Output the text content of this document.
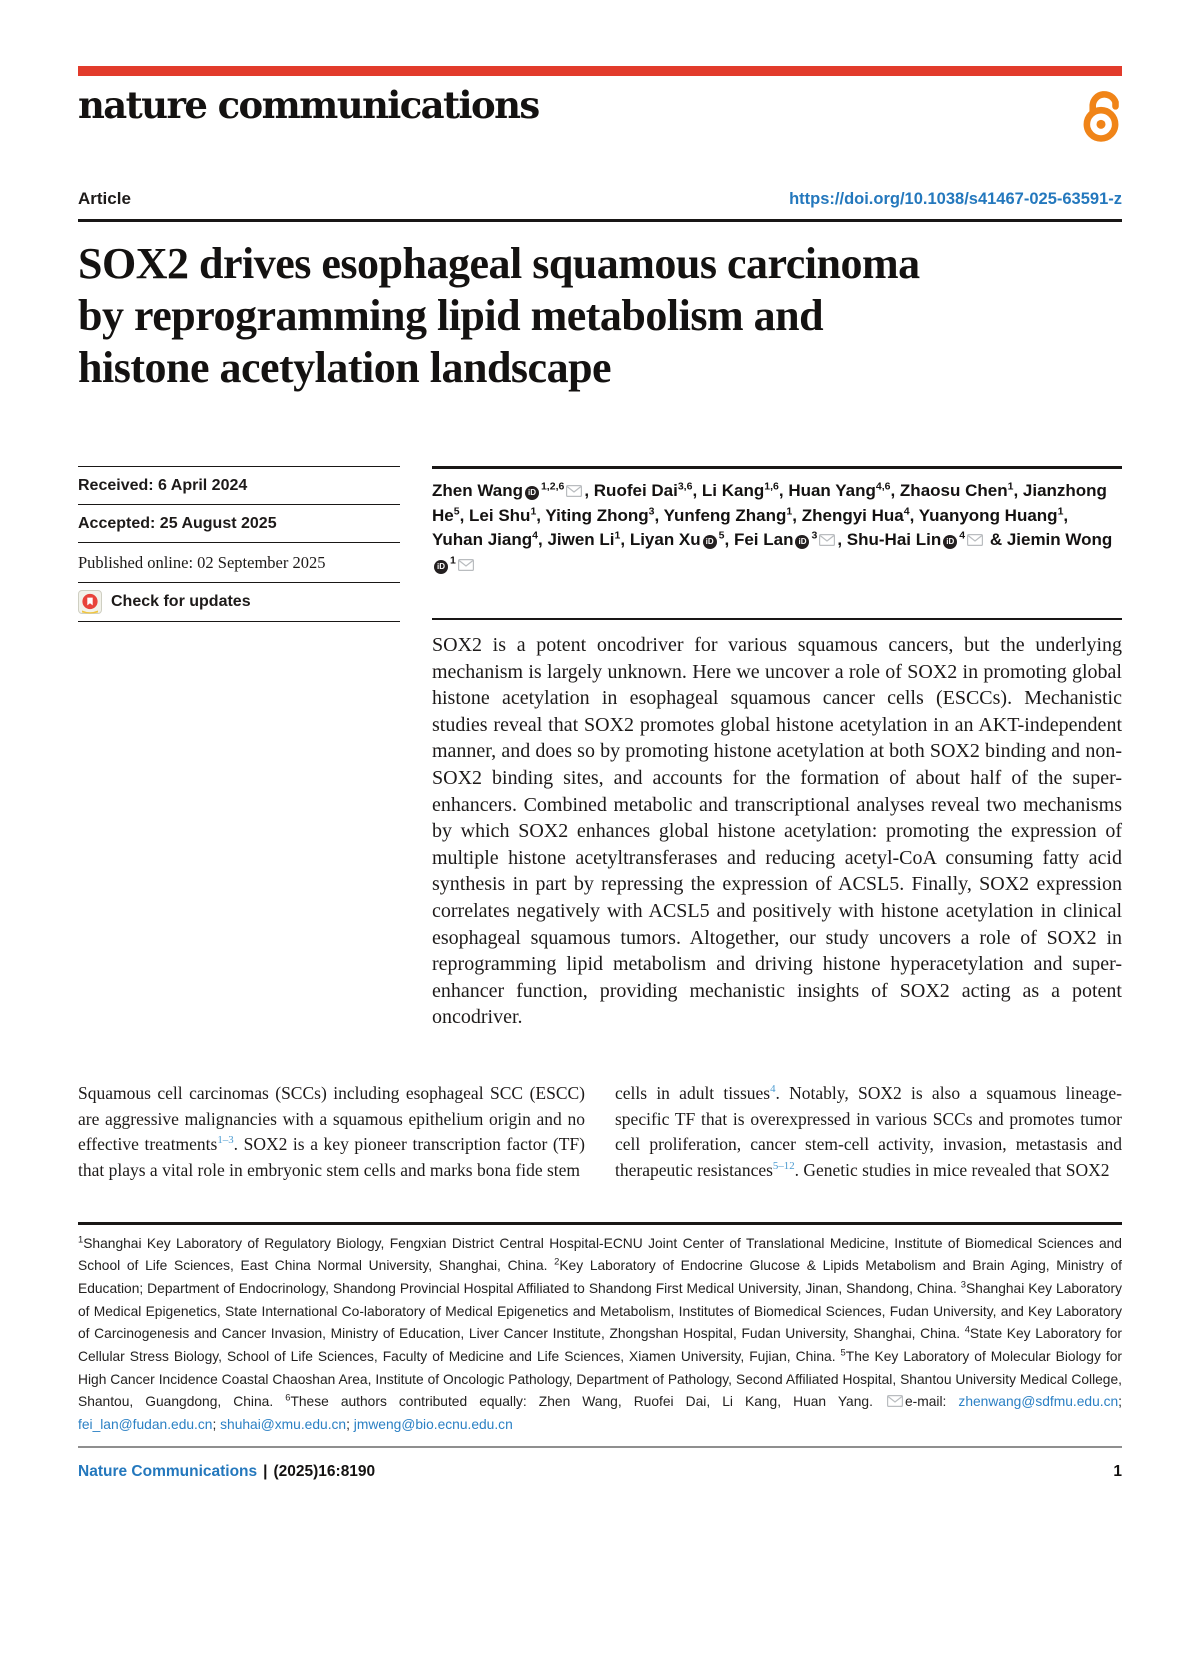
nature communications
Article	https://doi.org/10.1038/s41467-025-63591-z
SOX2 drives esophageal squamous carcinoma by reprogramming lipid metabolism and histone acetylation landscape
Received: 6 April 2024
Accepted: 25 August 2025
Published online: 02 September 2025
Check for updates
Zhen Wang iD$^{1,2,6}$ , Ruofei Dai$^{3,6}$, Li Kang$^{1,6}$, Huan Yang$^{4,6}$, Zhaosu Chen$^1$, Jianzhong He$^5$, Lei Shu$^1$, Yiting Zhong$^3$, Yunfeng Zhang$^1$, Zhengyi Hua$^4$, Yuanyong Huang$^1$, Yuhan Jiang$^4$, Jiwen Li$^1$, Liyan Xu $iD^5$, Fei Lan $iD^3$ , Shu-Hai Lin $iD^4$ & Jiemin WongiD$^1$
SOX2 is a potent oncodriver for various squamous cancers, but the underlying mechanism is largely unknown. Here we uncover a role of SOX2 in promoting global histone acetylation in esophageal squamous cancer cells (ESCCs). Mechanistic studies reveal that SOX2 promotes global histone acetylation in an AKT-independent manner, and does so by promoting histone acetylation at both SOX2 binding and non-SOX2 binding sites, and accounts for the formation of about half of the super-enhancers. Combined metabolic and transcriptional analyses reveal two mechanisms by which SOX2 enhances global histone acetylation: promoting the expression of multiple histone acetyltransferases and reducing acetyl-CoA consuming fatty acid synthesis in part by repressing the expression of ACSL5. Finally, SOX2 expression correlates negatively with ACSL5 and positively with histone acetylation in clinical esophageal squamous tumors. Altogether, our study uncovers a role of SOX2 in reprogramming lipid metabolism and driving histone hyperacetylation and super-enhancer function, providing mechanistic insights of SOX2 acting as a potent oncodriver.
Squamous cell carcinomas (SCCs) including esophageal SCC (ESCC) are aggressive malignancies with a squamous epithelium origin and no effective treatments$^{1-3}$. SOX2 is a key pioneer transcription factor (TF) that plays a vital role in embryonic stem cells and marks bona fide stem
cells in adult tissues$^4$. Notably, SOX2 is also a squamous lineage-specific TF that is overexpressed in various SCCs and promotes tumor cell proliferation, cancer stem-cell activity, invasion, metastasis and therapeutic resistances$^{5-12}$. Genetic studies in mice revealed that SOX2
$^1$Shanghai Key Laboratory of Regulatory Biology, Fengxian District Central Hospital-ECNU Joint Center of Translational Medicine, Institute of Biomedical Sciences and School of Life Sciences, East China Normal University, Shanghai, China. $^2$Key Laboratory of Endocrine Glucose & Lipids Metabolism and Brain Aging, Ministry of Education; Department of Endocrinology, Shandong Provincial Hospital Affiliated to Shandong First Medical University, Jinan, Shandong, China. $^3$Shanghai Key Laboratory of Medical Epigenetics, State International Co-laboratory of Medical Epigenetics and Metabolism, Institutes of Biomedical Sciences, Fudan University, and Key Laboratory of Carcinogenesis and Cancer Invasion, Ministry of Education, Liver Cancer Institute, Zhongshan Hospital, Fudan University, Shanghai, China. $^4$State Key Laboratory for Cellular Stress Biology, School of Life Sciences, Faculty of Medicine and Life Sciences, Xiamen University, Fujian, China. $^5$The Key Laboratory of Molecular Biology for High Cancer Incidence Coastal Chaoshan Area, Institute of Oncologic Pathology, Department of Pathology, Second Affiliated Hospital, Shantou University Medical College, Shantou, Guangdong, China. $^6$These authors contributed equally: Zhen Wang, Ruofei Dai, Li Kang, Huan Yang. e-mail: zhenwang@sdfmu.edu.cn; fei_lan@fudan.edu.cn; shuhai@xmu.edu.cn; jmweng@bio.ecnu.edu.cn
Nature Communications | (2025)16:8190	1
